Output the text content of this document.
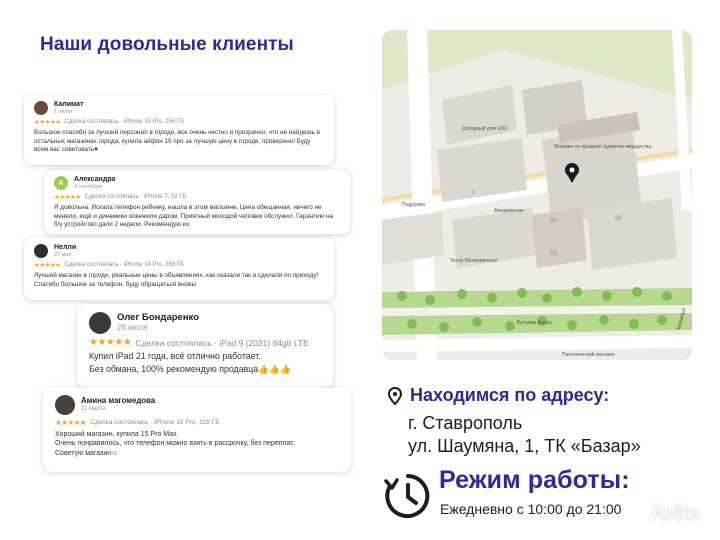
Наши довольные клиенты
Калимат
1 июня
★★★★★ Сделка состоялась · iPhone 15 Pro, 256 ГБ
Большое спасибо за лучший персонал в городе, все очень честно и прозрачно, что не найдешь в остальных магазинах города, купила айфон 15 про за лучшую цену в городе, проверено! Буду всем вас советовать♥
А	Александра
4 сентября
★★★★★ Сделка состоялась · iPhone 7, 32 ГБ
Я довольна. Искала телефон ребенку, нашла в этом магазине. Цена обещанная, ничего не меняли, ещё и динамики освежили даром. Приятный молодой человек обслужил. Гарантию на б/у устройство дали 2 недели. Рекомендую их
Нелли
27 мая
★★★★★ Сделка состоялась · iPhone 14 Pro, 256 ГБ
Лучший магазин в городе, реальные цены в объявлениях, как сказали так и сделали по приходу! Спасибо большое за телефон, буду обращаться вновь!
Олег Бондаренко
26 июля
★★★★★ Сделка состоялась · iPad 9 (2021) 64gb LTE
Купил iPad 21 года, всё отлично работает.
Без обмана, 100% рекомендую продавца👍👍👍
Амина магомедова
11 марта
★★★★★ Сделка состоялась · iPhone 15 Pro, 128 ГБ
Хороший магазин, купила 15 Pro Max.
Очень понравилось, что телефон можно взять в рассрочку, без переплат.
Советую магазин☺
Магазин по продаже гаджетов имущества
Доходный дом ХОХ
Театр Мелиевинных
Филармония
Подружка
Бульвар Карла
Пиотнический магазин
Казачья
51	53
53
1
Находимся по адресу:
г. Ставрополь
ул. Шаумяна, 1, ТК «Базар»
Режим работы:
Ежедневно с 10:00 до 21:00	Avito
